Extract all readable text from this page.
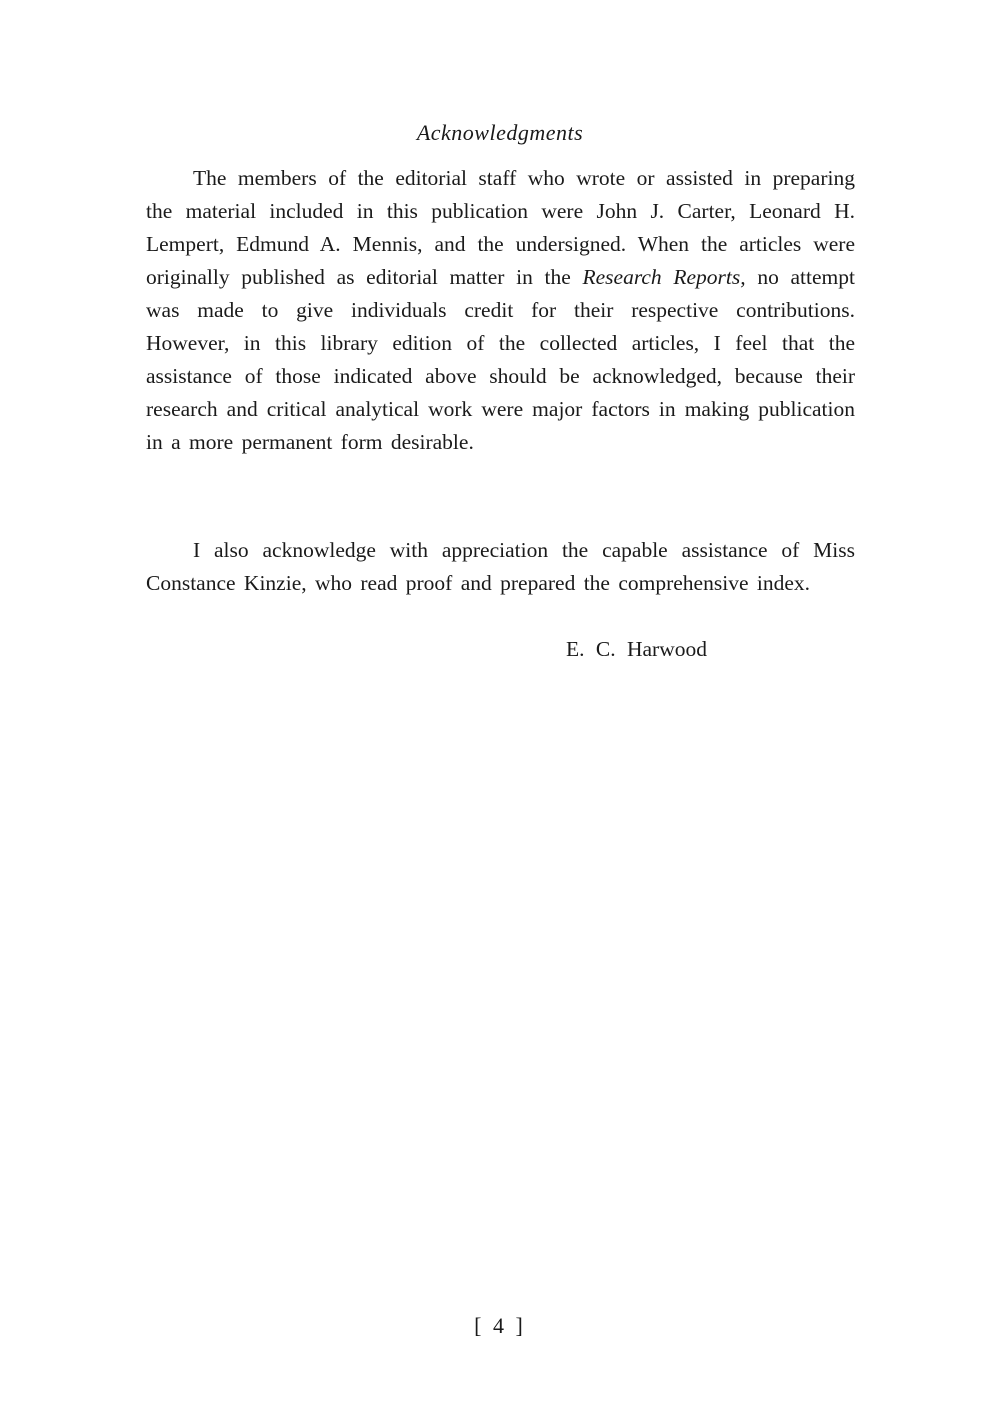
Acknowledgments

The members of the editorial staff who wrote or assisted in preparing the material included in this publication were John J. Carter, Leonard H. Lempert, Edmund A. Mennis, and the undersigned. When the articles were originally published as editorial matter in the Research Reports, no attempt was made to give individuals credit for their respective contributions. However, in this library edition of the collected articles, I feel that the assistance of those indicated above should be acknowledged, because their research and critical analytical work were major factors in making publication in a more permanent form desirable.

I also acknowledge with appreciation the capable assistance of Miss Constance Kinzie, who read proof and prepared the comprehensive index.

E. C. Harwood
[ 4 ]
